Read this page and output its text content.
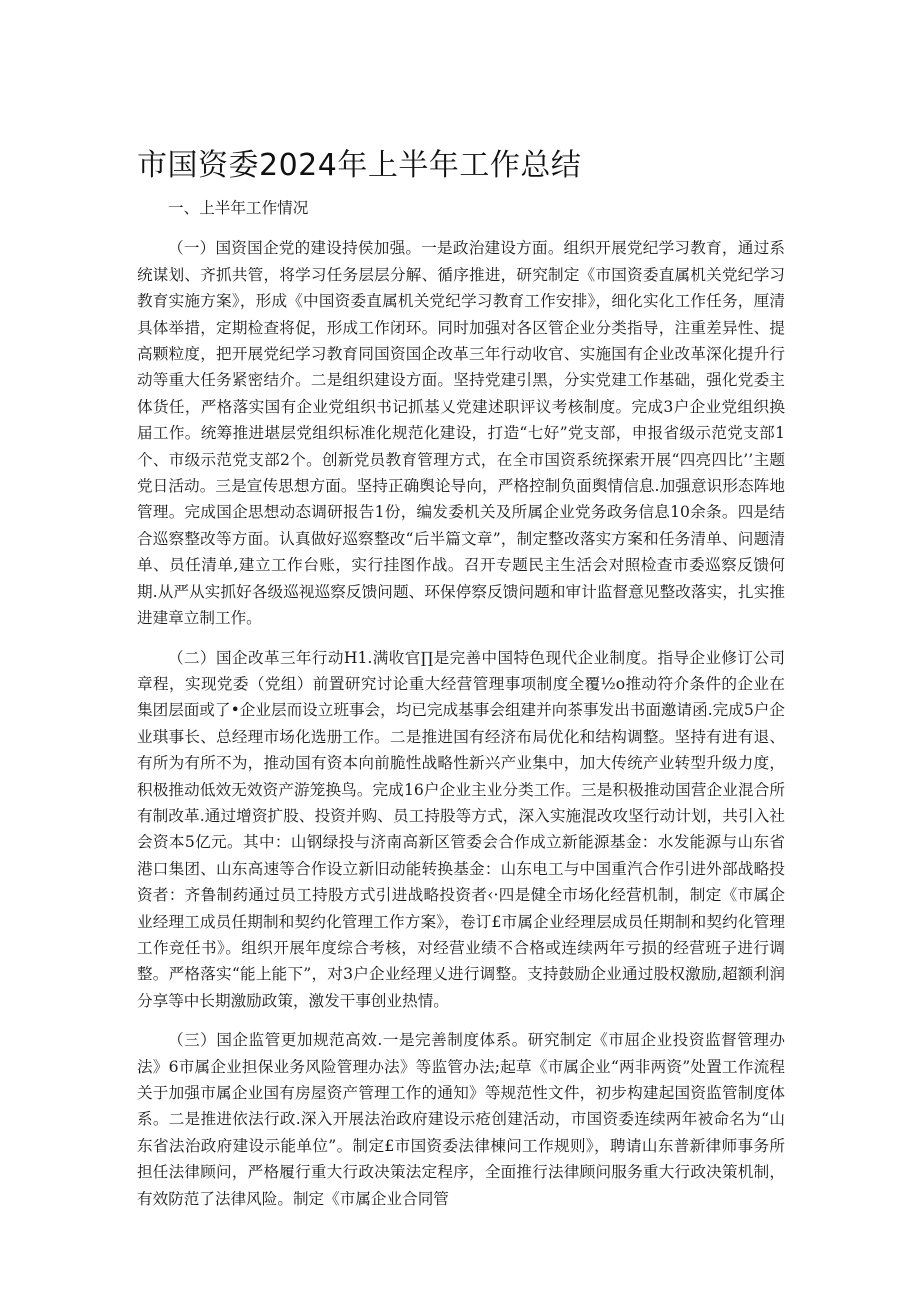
市国资委2024年上半年工作总结

一、上半年工作情况

（一）国资国企党的建设持侯加强。一是政治建设方面。组织开展党纪学习教育，通过系统谋划、齐抓共管，将学习任务层层分解、循序推进，研究制定《市国资委直属机关党纪学习教育实施方案》，形成《中国资委直属机关党纪学习教育工作安排》，细化实化工作任务，厘清具体举措，定期检查将促，形成工作闭环。同时加强对各区管企业分类指导，注重差异性、提高颗粒度，把开展党纪学习教育同国资国企改革三年行动收官、实施国有企业改革深化提升行动等重大任务紧密结介。二是组织建设方面。坚持党建引黑，分实党建工作基础，强化党委主体货任，严格落实国有企业党组织书记抓基乂党建述职评议考核制度。完成3户企业党组织换届工作。统筹推进堪层党组织标准化规范化建设，打造“七好”党支部，申报省级示范党支部1个、市级示范党支部2个。创新党员教育管理方式，在全市国资系统探索开展“四亮四比’’主题党日活动。三是宣传思想方面。坚持正确舆论导向，严格控制负面舆情信息.加强意识形态阵地管理。完成国企思想动态调研报告1份，编发委机关及所属企业党务政务信息10余条。四是结合巡察整改等方面。认真做好巡察整改“后半篇文章”，制定整改落实方案和任务清单、问题清单、员任清单,建立工作台账，实行挂图作战。召开专题民主生活会对照检查市委巡察反馈何期.从严从实抓好各级巡视巡察反馈问题、环保停察反馈问题和审计监督意见整改落实，扎实推进建章立制工作。

（二）国企改革三年行动H1.满收官∏是完善中国特色现代企业制度。指导企业修订公司章程，实现党委（党组）前置研究讨论重大经营管理事项制度全覆½o推动符介条件的企业在集团层面或了•企业层而设立班事会，均已完成基事会组建并向茶事发出书面邀请函.完成5户企业琪事长、总经理市场化选册工作。二是推进国有经济布局优化和结构调整。坚持有进有退、有所为有所不为，推动国有资本向前脆性战略性新兴产业集中，加大传统产业转型升级力度，积极推动低效无效资产游笼换鸟。完成16户企业主业分类工作。三是积极推动国营企业混合所有制改革.通过增资扩股、投资并购、员工持股等方式，深入实施混改攻坚行动计划，共引入社会资本5亿元。其中：山钢绿投与济南高新区管委会合作成立新能源基金：水发能源与山东省港口集团、山东高速等合作设立新旧动能转换基金：山东电工与中国重汽合作引进外部战略投资者：齐鲁制药通过员工持股方式引进战略投资者‹·四是健全市场化经营机制，制定《市属企业经理工成员任期制和契约化管理工作方案》，卷订£市属企业经理层成员任期制和契约化管理工作竞任书》。组织开展年度综合考核，对经营业绩不合格或连续两年亏损的经营班子进行调整。严格落实“能上能下”，对3户企业经理乂进行调整。支持鼓励企业通过股权激励,超额利润分享等中长期激励政策，激发干事创业热情。

（三）国企监管更加规范高效.一是完善制度体系。研究制定《市屈企业投资监督管理办法》6市属企业担保业务风险管理办法》等监管办法;起草《市属企业“两非两资”处置工作流程关于加强市属企业国有房屋资产管理工作的通知》等规范性文件，初步构建起国资监管制度体系。二是推进依法行政.深入开展法治政府建设示疮创建活动，市国资委连续两年被命名为“山东省法治政府建设示能单位”。制定£市国资委法律棟问工作规则》，聘请山东普新律师事务所担任法律顾问，严格履行重大行政决策法定程序，全面推行法律顾问服务重大行政决策机制，有效防范了法律风险。制定《市属企业合同管
